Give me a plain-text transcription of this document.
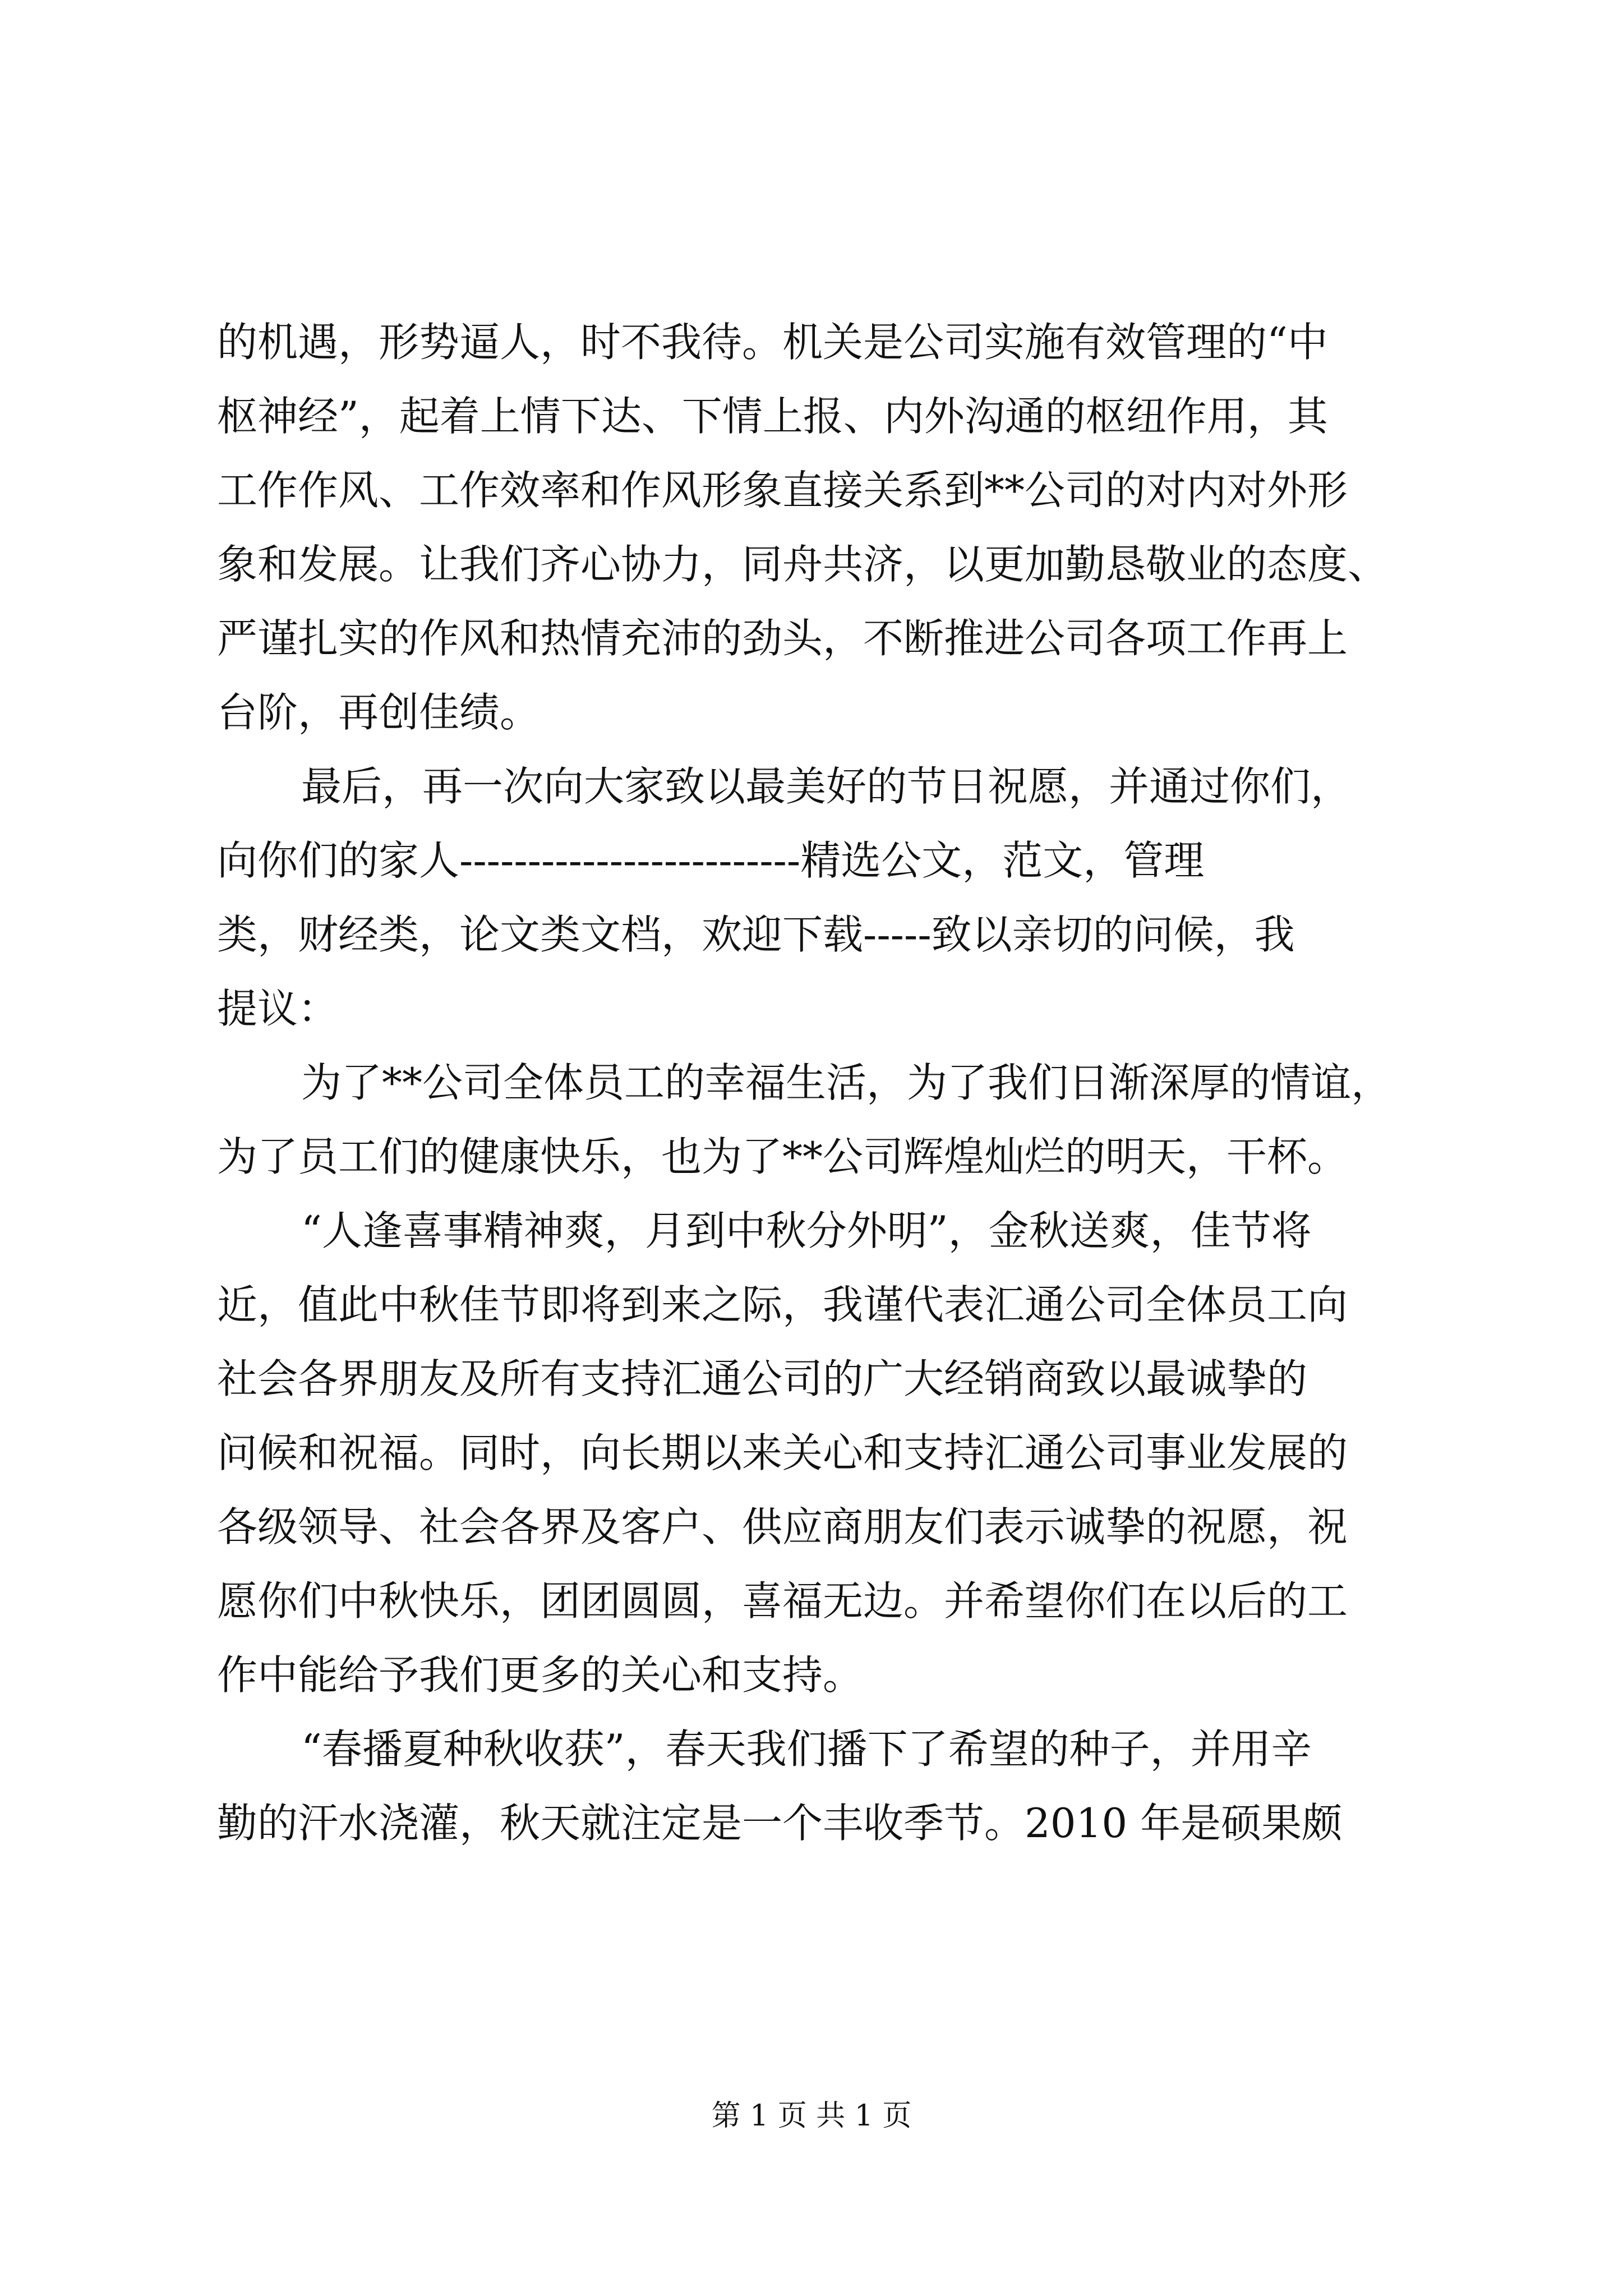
的机遇，形势逼人，时不我待。机关是公司实施有效管理的“中
枢神经”，起着上情下达、下情上报、内外沟通的枢纽作用，其
工作作风、工作效率和作风形象直接关系到**公司的对内对外形
象和发展。让我们齐心协力，同舟共济，以更加勤恳敬业的态度、
严谨扎实的作风和热情充沛的劲头，不断推进公司各项工作再上
台阶，再创佳绩。
最后，再一次向大家致以最美好的节日祝愿，并通过你们，
向你们的家人-------------------------精选公文，范文，管理
类，财经类，论文类文档，欢迎下载-----致以亲切的问候，我
提议：
为了**公司全体员工的幸福生活，为了我们日渐深厚的情谊，
为了员工们的健康快乐，也为了**公司辉煌灿烂的明天，干杯。
“人逢喜事精神爽，月到中秋分外明”，金秋送爽，佳节将
近，值此中秋佳节即将到来之际，我谨代表汇通公司全体员工向
社会各界朋友及所有支持汇通公司的广大经销商致以最诚挚的
问候和祝福。同时，向长期以来关心和支持汇通公司事业发展的
各级领导、社会各界及客户、供应商朋友们表示诚挚的祝愿，祝
愿你们中秋快乐，团团圆圆，喜福无边。并希望你们在以后的工
作中能给予我们更多的关心和支持。
“春播夏种秋收获”，春天我们播下了希望的种子，并用辛
勤的汗水浇灌，秋天就注定是一个丰收季节。2010 年是硕果颇
第 1 页 共 1 页
